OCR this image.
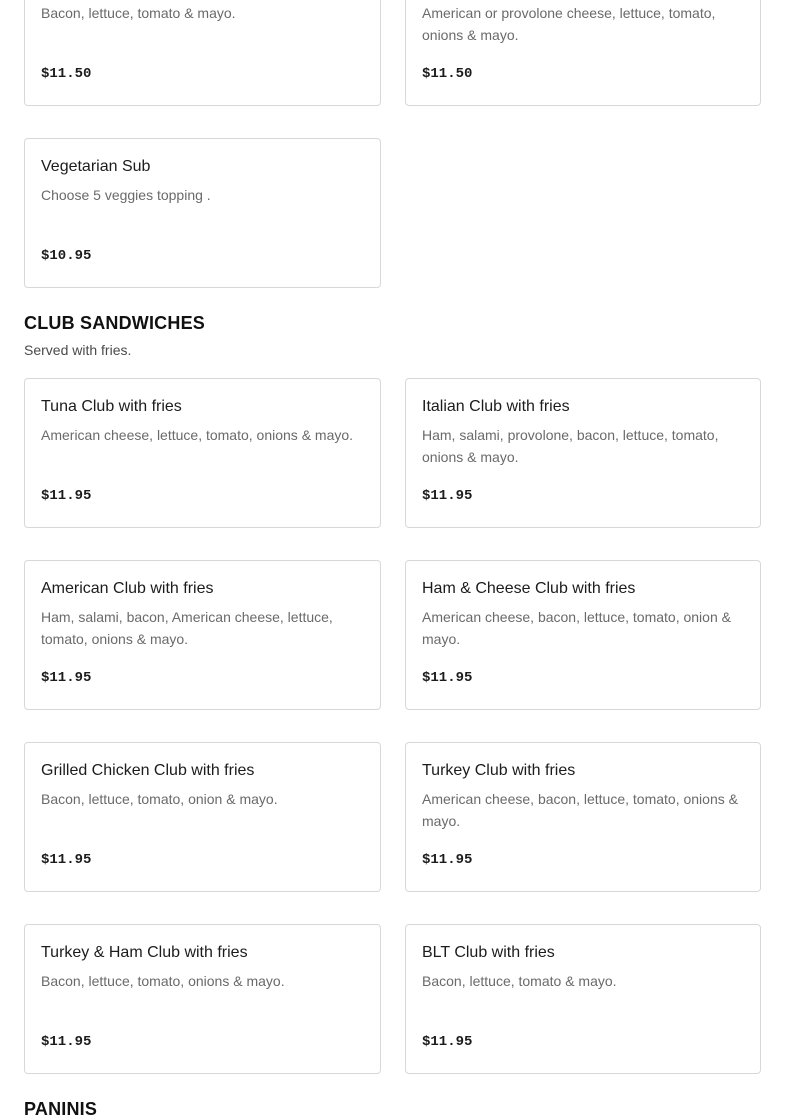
Bacon, lettuce, tomato & mayo.

$11.50

American or provolone cheese, lettuce, tomato, onions & mayo.

$11.50

Vegetarian Sub

Choose 5 veggies topping .

$10.95
CLUB SANDWICHES

Served with fries.

Tuna Club with fries

American cheese, lettuce, tomato, onions & mayo.

$11.95

Italian Club with fries

Ham, salami, provolone, bacon, lettuce, tomato, onions & mayo.

$11.95

American Club with fries

Ham, salami, bacon, American cheese, lettuce, tomato, onions & mayo.

$11.95

Ham & Cheese Club with fries

American cheese, bacon, lettuce, tomato, onion & mayo.

$11.95

Grilled Chicken Club with fries

Bacon, lettuce, tomato, onion & mayo.

$11.95

Turkey Club with fries

American cheese, bacon, lettuce, tomato, onions & mayo.

$11.95

Turkey & Ham Club with fries

Bacon, lettuce, tomato, onions & mayo.

$11.95

BLT Club with fries

Bacon, lettuce, tomato & mayo.

$11.95
PANINIS
